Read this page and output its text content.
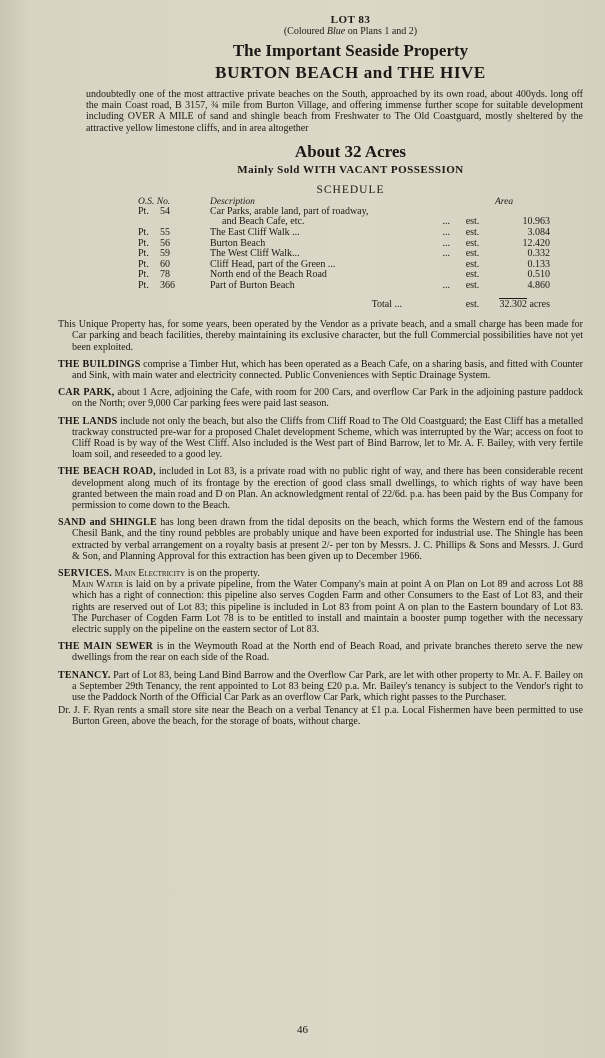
LOT 83
(Coloured Blue on Plans 1 and 2)
The Important Seaside Property
BURTON BEACH and THE HIVE

undoubtedly one of the most attractive private beaches on the South, approached by its own road, about 400yds. long off the main Coast road, B 3157, ¾ mile from Burton Village, and offering immense further scope for suitable development including OVER A MILE of sand and shingle beach from Freshwater to The Old Coastguard, mostly sheltered by the attractive yellow limestone cliffs, and in area altogether

About 32 Acres
Mainly Sold WITH VACANT POSSESSION
SCHEDULE
O.S. No.		Description			Area
Pt.	54	Car Parks, arable land, part of roadway,			
		and Beach Cafe, etc.	...	est.	10.963
Pt.	55	The East Cliff Walk ...	...	est.	3.084
Pt.	56	Burton Beach	...	est.	12.420
Pt.	59	The West Cliff Walk...	...	est.	0.332
Pt.	60	Cliff Head, part of the Green ...		est.	0.133
Pt.	78	North end of the Beach Road		est.	0.510
Pt.	366	Part of Burton Beach	...	est.	4.860
		Total ...		est.	32.302 acres

This Unique Property has, for some years, been operated by the Vendor as a private beach, and a small charge has been made for Car parking and beach facilities, thereby maintaining its exclusive character, but the full Commercial possibilities have not yet been exploited.

THE BUILDINGS comprise a Timber Hut, which has been operated as a Beach Cafe, on a sharing basis, and fitted with Counter and Sink, with main water and electricity connected. Public Conveniences with Septic Drainage System.

CAR PARK, about 1 Acre, adjoining the Cafe, with room for 200 Cars, and overflow Car Park in the adjoining pasture paddock on the North; over 9,000 Car parking fees were paid last season.

THE LANDS include not only the beach, but also the Cliffs from Cliff Road to The Old Coastguard; the East Cliff has a metalled trackway constructed pre-war for a proposed Chalet development Scheme, which was interrupted by the War; access on foot to Cliff Road is by way of the West Cliff. Also included is the West part of Bind Barrow, let to Mr. A. F. Bailey, with very fertile loam soil, and reseeded to a good ley.

THE BEACH ROAD, included in Lot 83, is a private road with no public right of way, and there has been considerable recent development along much of its frontage by the erection of good class small dwellings, to which rights of way have been granted between the main road and D on Plan. An acknowledgment rental of 22/6d. p.a. has been paid by the Bus Company for permission to come down to the Beach.

SAND and SHINGLE has long been drawn from the tidal deposits on the beach, which forms the Western end of the famous Chesil Bank, and the tiny round pebbles are probably unique and have been exported for industrial use. The Shingle has been extracted by verbal arrangement on a royalty basis at present 2/- per ton by Messrs. J. C. Phillips & Sons and Messrs. J. Gurd & Son, and Planning Approval for this extraction has been given up to December 1966.

SERVICES. Main Electricity is on the property.
Main Water is laid on by a private pipeline, from the Water Company's main at point A on Plan on Lot 89 and across Lot 88 which has a right of connection: this pipeline also serves Cogden Farm and other Consumers to the East of Lot 83, and their rights are reserved out of Lot 83; this pipeline is included in Lot 83 from point A on plan to the Eastern boundary of Lot 83. The Purchaser of Cogden Farm Lot 78 is to be entitled to install and maintain a booster pump together with the necessary electric supply on the pipeline on the eastern sector of Lot 83.

THE MAIN SEWER is in the Weymouth Road at the North end of Beach Road, and private branches thereto serve the new dwellings from the rear on each side of the Road.

TENANCY. Part of Lot 83, being Land Bind Barrow and the Overflow Car Park, are let with other property to Mr. A. F. Bailey on a September 29th Tenancy, the rent appointed to Lot 83 being £20 p.a. Mr. Bailey's tenancy is subject to the Vendor's right to use the Paddock North of the Official Car Park as an overflow Car Park, which right passes to the Purchaser.

Dr. J. F. Ryan rents a small store site near the Beach on a verbal Tenancy at £1 p.a. Local Fishermen have been permitted to use Burton Green, above the beach, for the storage of boats, without charge.

46
